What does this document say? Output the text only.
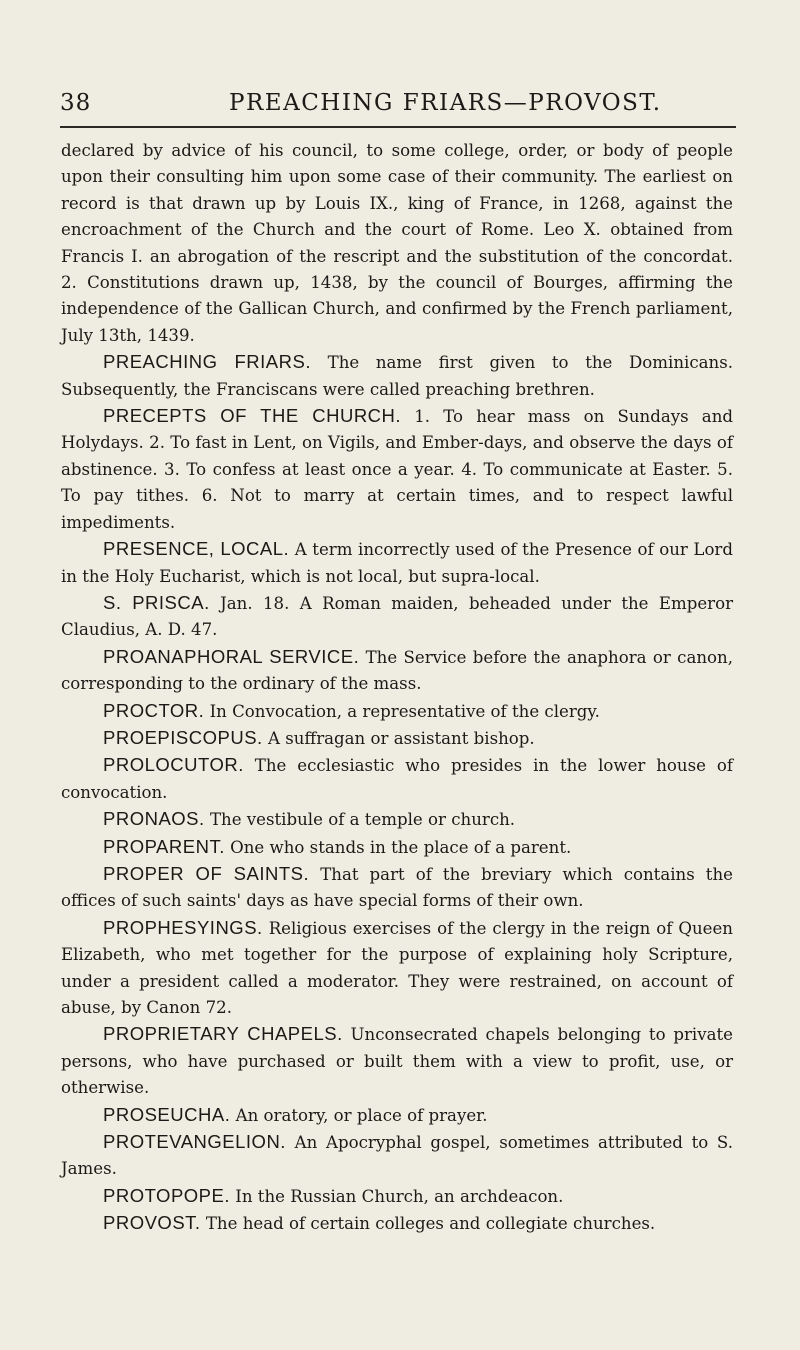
38	PREACHING FRIARS—PROVOST.

declared by advice of his council, to some college, order, or body of people upon their consulting him upon some case of their community. The earliest on record is that drawn up by Louis IX., king of France, in 1268, against the encroachment of the Church and the court of Rome. Leo X. obtained from Francis I. an abrogation of the rescript and the substitution of the concordat. 2. Constitutions drawn up, 1438, by the council of Bourges, affirming the independence of the Gallican Church, and confirmed by the French parliament, July 13th, 1439.

PREACHING FRIARS. The name first given to the Dominicans. Subsequently, the Franciscans were called preaching brethren.

PRECEPTS OF THE CHURCH. 1. To hear mass on Sundays and Holydays. 2. To fast in Lent, on Vigils, and Ember-days, and observe the days of abstinence. 3. To confess at least once a year. 4. To communicate at Easter. 5. To pay tithes. 6. Not to marry at certain times, and to respect lawful impediments.

PRESENCE, LOCAL. A term incorrectly used of the Presence of our Lord in the Holy Eucharist, which is not local, but supra-local.

S. PRISCA. Jan. 18. A Roman maiden, beheaded under the Emperor Claudius, A. D. 47.

PROANAPHORAL SERVICE. The Service before the anaphora or canon, corresponding to the ordinary of the mass.

PROCTOR. In Convocation, a representative of the clergy.

PROEPISCOPUS. A suffragan or assistant bishop.

PROLOCUTOR. The ecclesiastic who presides in the lower house of convocation.

PRONAOS. The vestibule of a temple or church.

PROPARENT. One who stands in the place of a parent.

PROPER OF SAINTS. That part of the breviary which contains the offices of such saints' days as have special forms of their own.

PROPHESYINGS. Religious exercises of the clergy in the reign of Queen Elizabeth, who met together for the purpose of explaining holy Scripture, under a president called a moderator. They were restrained, on account of abuse, by Canon 72.

PROPRIETARY CHAPELS. Unconsecrated chapels belonging to private persons, who have purchased or built them with a view to profit, use, or otherwise.

PROSEUCHA. An oratory, or place of prayer.

PROTEVANGELION. An Apocryphal gospel, sometimes attributed to S. James.

PROTOPOPE. In the Russian Church, an archdeacon.

PROVOST. The head of certain colleges and collegiate churches.
